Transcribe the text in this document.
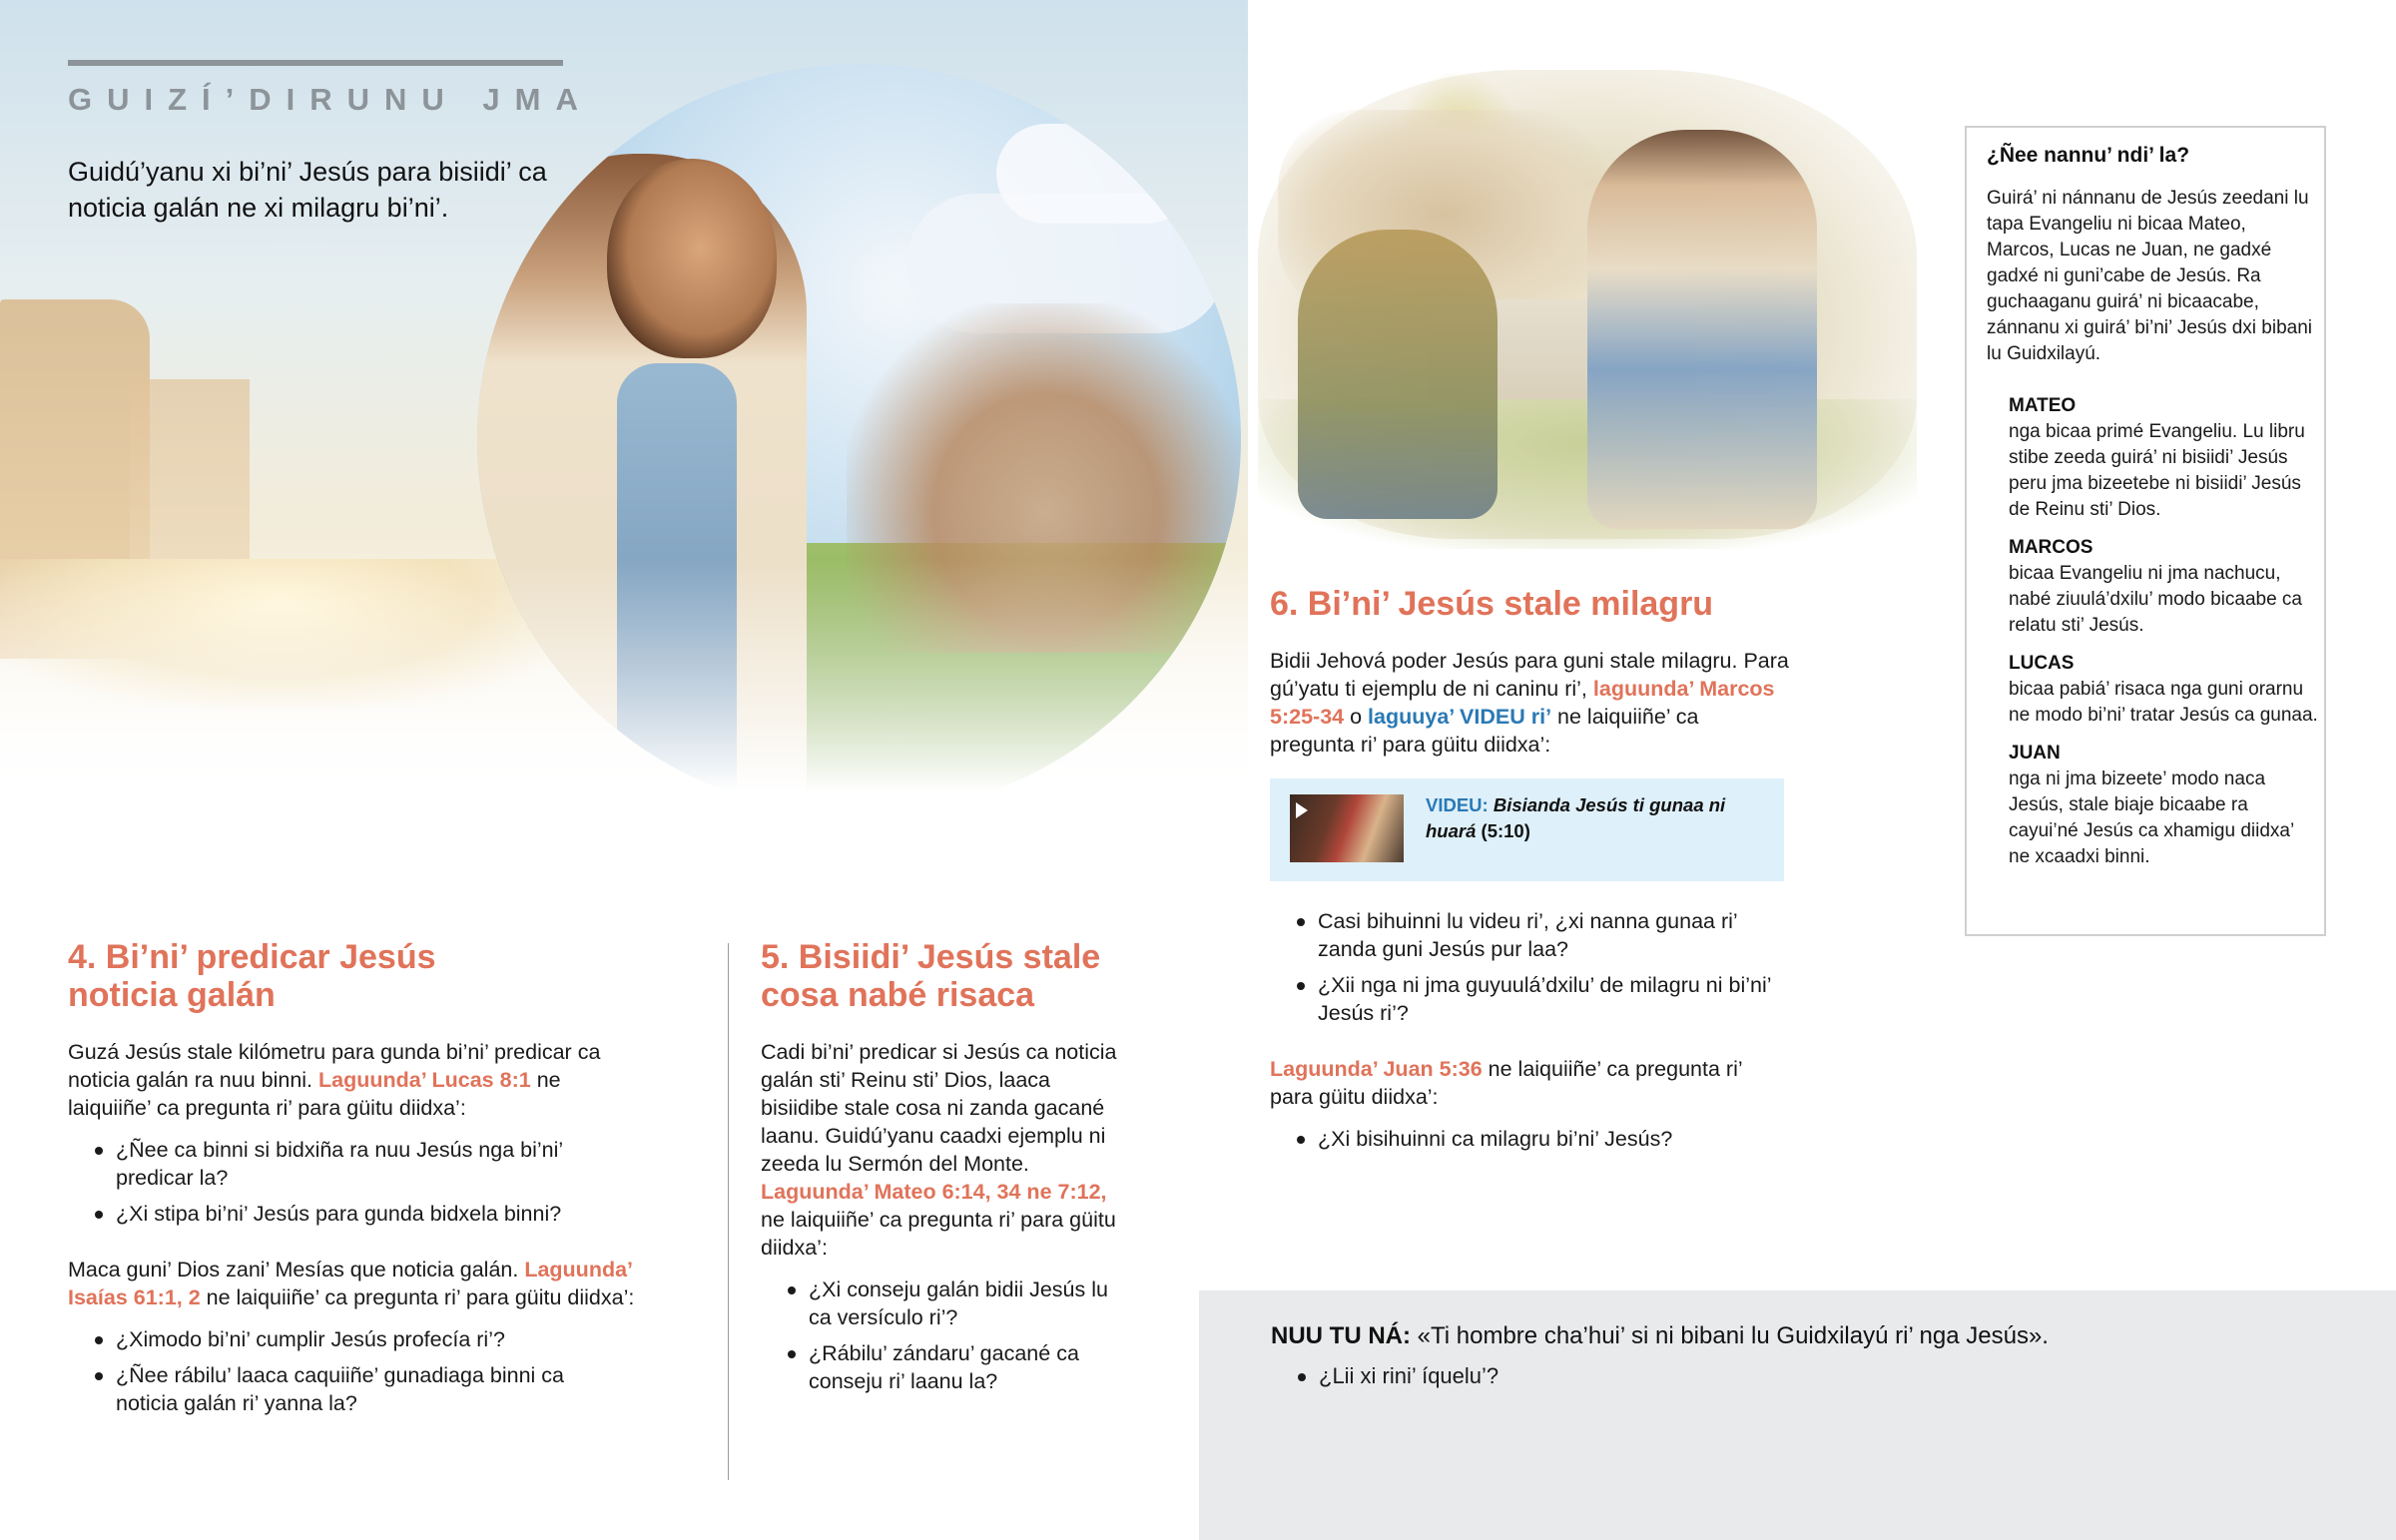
GUIZÍ’DIRUNU JMA

Guidú’yanu xi bi’ni’ Jesús para bisiidi’ ca noticia galán ne xi milagru bi’ni’.

4. Bi’ni’ predicar Jesús noticia galán

Guzá Jesús stale kilómetru para gunda bi’ni’ predicar ca noticia galán ra nuu binni. Laguunda’ Lucas 8:1 ne laiquiiñe’ ca pregunta ri’ para güitu diidxa’:

¿Ñee ca binni si bidxiña ra nuu Jesús nga bi’ni’ predicar la?
¿Xi stipa bi’ni’ Jesús para gunda bidxela binni?

Maca guni’ Dios zani’ Mesías que noticia galán. Laguunda’ Isaías 61:1, 2 ne laiquiiñe’ ca pregunta ri’ para güitu diidxa’:

¿Ximodo bi’ni’ cumplir Jesús profecía ri’?
¿Ñee rábilu’ laaca caquiiñe’ gunadiaga binni ca noticia galán ri’ yanna la?
5. Bisiidi’ Jesús stale cosa nabé risaca

Cadi bi’ni’ predicar si Jesús ca noticia galán sti’ Reinu sti’ Dios, laaca bisiidibe stale cosa ni zanda gacané laanu. Guidú’yanu caadxi ejemplu ni zeeda lu Sermón del Monte. Laguunda’ Mateo 6:14, 34 ne 7:12, ne laiquiiñe’ ca pregunta ri’ para güitu diidxa’:

¿Xi conseju galán bidii Jesús lu ca versículo ri’?
¿Rábilu’ zándaru’ gacané ca conseju ri’ laanu la?
6. Bi’ni’ Jesús stale milagru

Bidii Jehová poder Jesús para guni stale milagru. Para gú’yatu ti ejemplu de ni caninu ri’, laguunda’ Marcos 5:25-34 o laguuya’ VIDEU ri’ ne laiquiiñe’ ca pregunta ri’ para güitu diidxa’:

VIDEU: Bisianda Jesús ti gunaa ni huará (5:10)
Casi bihuinni lu videu ri’, ¿xi nanna gunaa ri’ zanda guni Jesús pur laa?
¿Xii nga ni jma guyuulá’dxilu’ de milagru ni bi’ni’ Jesús ri’?

Laguunda’ Juan 5:36 ne laiquiiñe’ ca pregunta ri’ para güitu diidxa’:

¿Xi bisihuinni ca milagru bi’ni’ Jesús?
¿Ñee nannu’ ndi’ la?
Guirá’ ni nánnanu de Jesús zeedani lu tapa Evangeliu ni bicaa Mateo, Marcos, Lucas ne Juan, ne gadxé gadxé ni guni’cabe de Jesús. Ra guchaaganu guirá’ ni bicaacabe, zánnanu xi guirá’ bi’ni’ Jesús dxi bibani lu Guidxilayú.
MATEO
nga bicaa primé Evangeliu. Lu libru stibe zeeda guirá’ ni bisiidi’ Jesús peru jma bizeetebe ni bisiidi’ Jesús de Reinu sti’ Dios.
MARCOS
bicaa Evangeliu ni jma nachucu, nabé ziuulá’dxilu’ modo bicaabe ca relatu sti’ Jesús.
LUCAS
bicaa pabiá’ risaca nga guni orarnu ne modo bi’ni’ tratar Jesús ca gunaa.
JUAN
nga ni jma bizeete’ modo naca Jesús, stale biaje bicaabe ra cayui’né Jesús ca xhamigu diidxa’ ne xcaadxi binni.
NUU TU NÁ: «Ti hombre cha’hui’ si ni bibani lu Guidxilayú ri’ nga Jesús».
¿Lii xi rini’ íquelu’?
